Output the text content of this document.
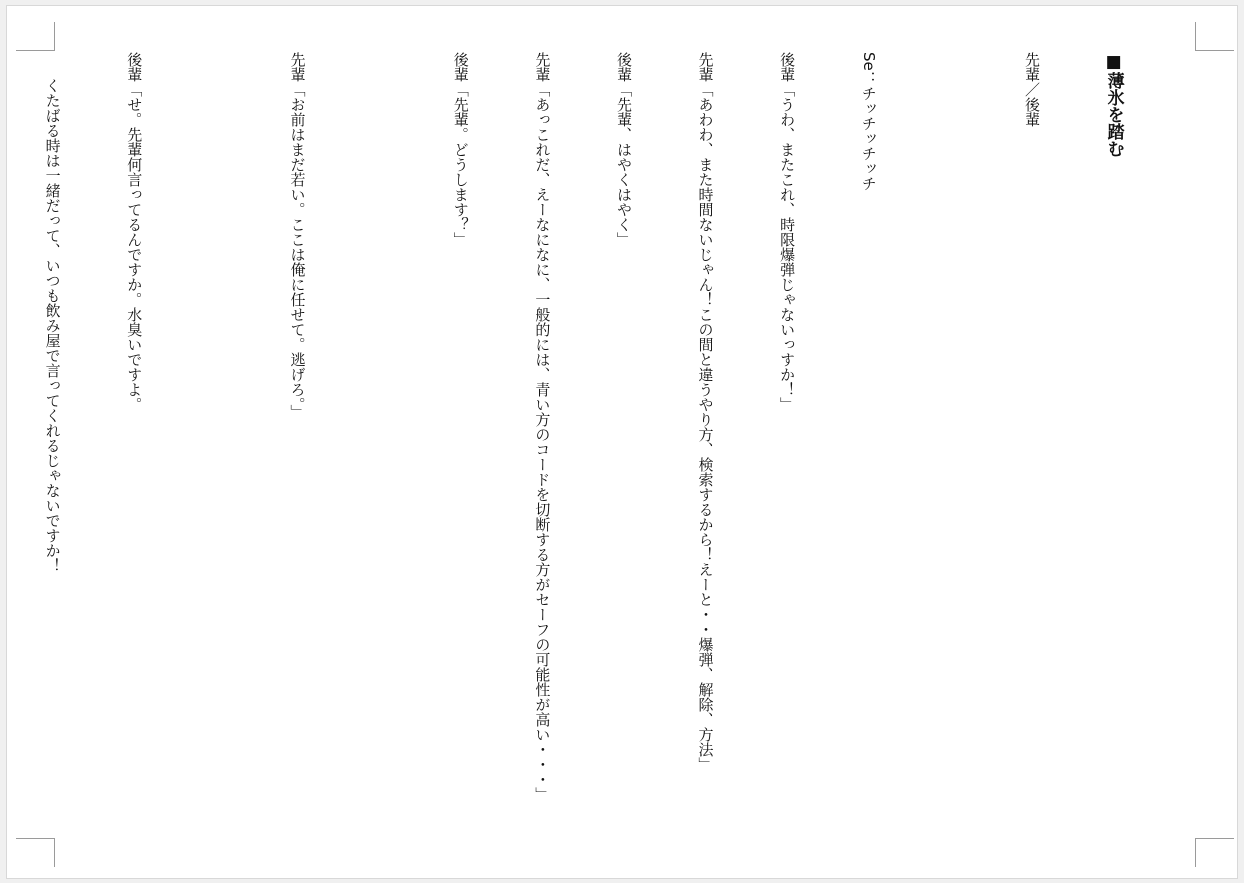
■薄氷を踏む

先輩／後輩

Se：チッチッチッチ

後輩「うわ、またこれ、時限爆弾じゃないっすか！」

先輩「あわわ、また時間ないじゃん！この間と違うやり方、検索するから！えーと・・爆弾、解除、方法」

後輩「先輩、はやくはやく」

先輩「あっこれだ、えーなになに、一般的には、青い方のコードを切断する方がセーフの可能性が高い・・・」

後輩「先輩。どうします？」

先輩「お前はまだ若い。ここは俺に任せて。逃げろ。」

後輩「せ。先輩何言ってるんですか。水臭いですよ。

くたばる時は一緒だって、いつも飲み屋で言ってくれるじゃないですか！
